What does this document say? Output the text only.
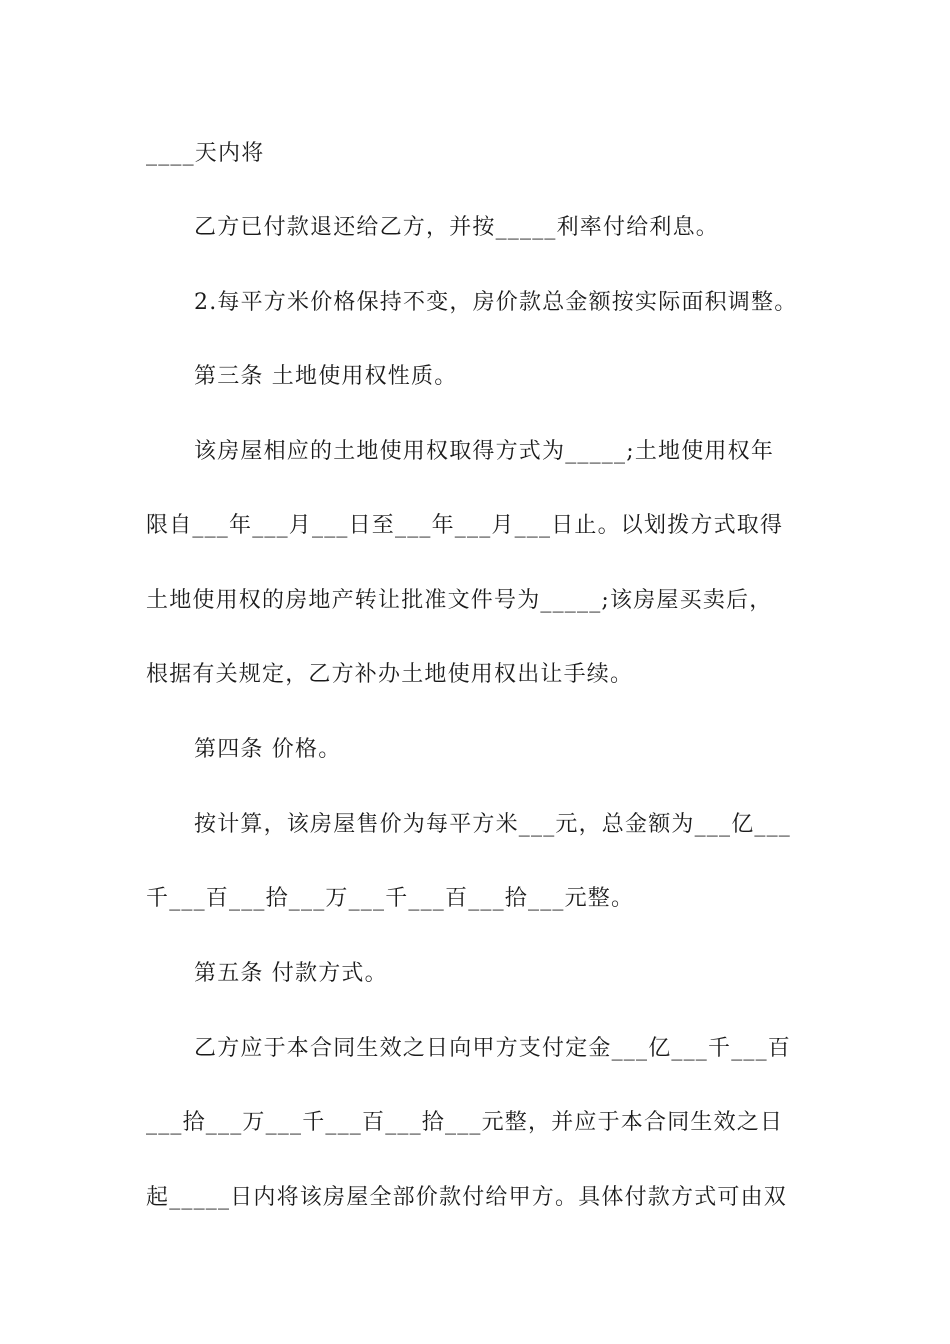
____天内将
乙方已付款退还给乙方，并按_____利率付给利息。
2.每平方米价格保持不变，房价款总金额按实际面积调整。
第三条 土地使用权性质。
该房屋相应的土地使用权取得方式为_____;土地使用权年
限自___年___月___日至___年___月___日止。以划拨方式取得
土地使用权的房地产转让批准文件号为_____;该房屋买卖后，
根据有关规定，乙方补办土地使用权出让手续。
第四条 价格。
按计算，该房屋售价为每平方米___元，总金额为___亿___
千___百___拾___万___千___百___拾___元整。
第五条 付款方式。
乙方应于本合同生效之日向甲方支付定金___亿___千___百
___拾___万___千___百___拾___元整，并应于本合同生效之日
起_____日内将该房屋全部价款付给甲方。具体付款方式可由双
